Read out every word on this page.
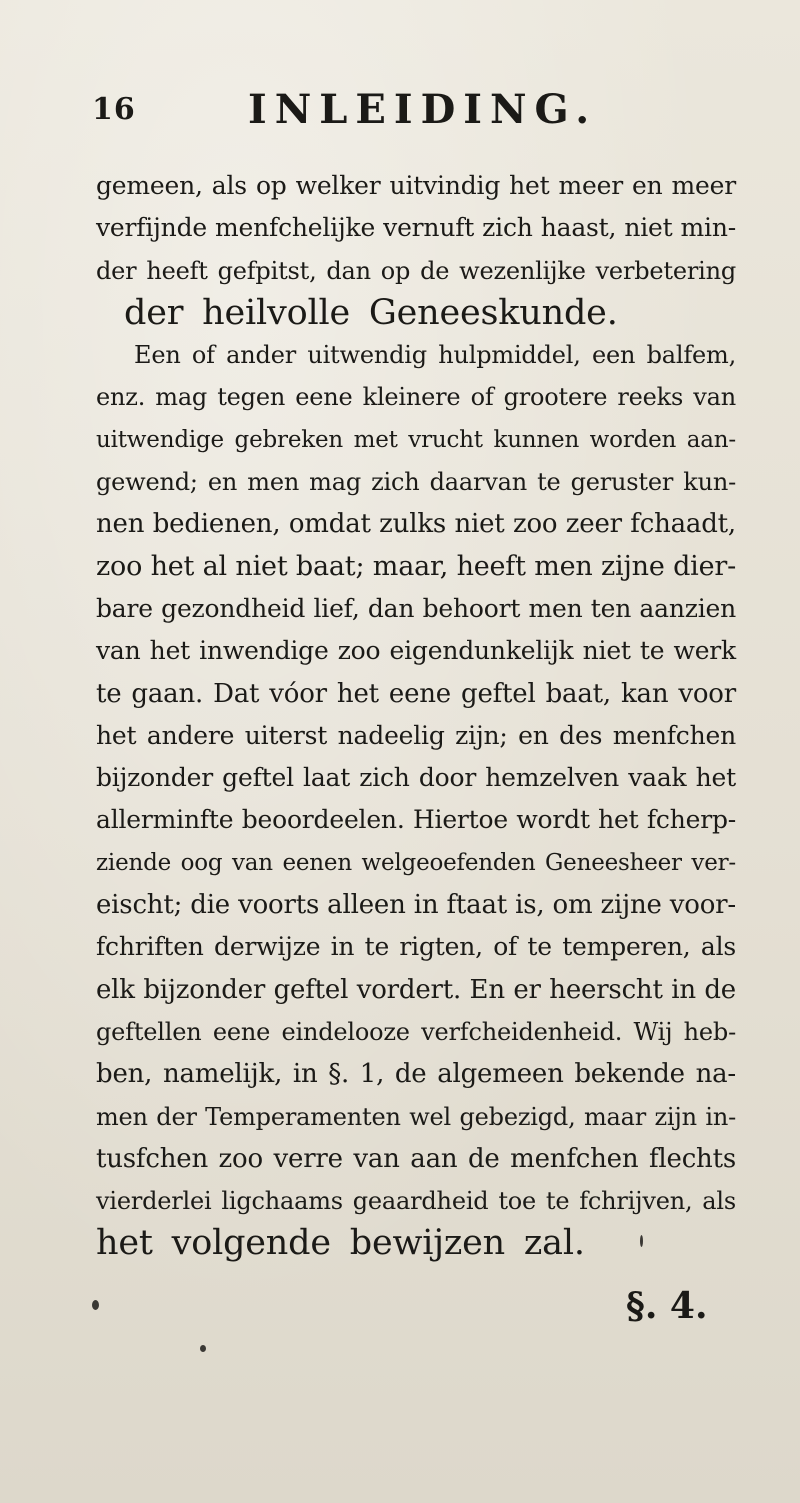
16	INLEIDING.
gemeen, als op welker uitvindig het meer en meer
verfijnde menfchelijke vernuft zich haast, niet min-
der heeft gefpitst, dan op de wezenlijke verbetering
der heilvolle Geneeskunde.
Een of ander uitwendig hulpmiddel, een balfem,
enz. mag tegen eene kleinere of grootere reeks van
uitwendige gebreken met vrucht kunnen worden aan-
gewend; en men mag zich daarvan te geruster kun-
nen bedienen, omdat zulks niet zoo zeer fchaadt,
zoo het al niet baat; maar, heeft men zijne dier-
bare gezondheid lief, dan behoort men ten aanzien
van het inwendige zoo eigendunkelijk niet te werk
te gaan. Dat vóor het eene geftel baat, kan voor
het andere uiterst nadeelig zijn; en des menfchen
bijzonder geftel laat zich door hemzelven vaak het
allerminfte beoordeelen. Hiertoe wordt het fcherp-
ziende oog van eenen welgeoefenden Geneesheer ver-
eischt; die voorts alleen in ftaat is, om zijne voor-
fchriften derwijze in te rigten, of te temperen, als
elk bijzonder geftel vordert. En er heerscht in de
geftellen eene eindelooze verfcheidenheid. Wij heb-
ben, namelijk, in §. 1, de algemeen bekende na-
men der Temperamenten wel gebezigd, maar zijn in-
tusfchen zoo verre van aan de menfchen flechts
vierderlei ligchaams geaardheid toe te fchrijven, als
het volgende bewijzen zal.
§. 4.
